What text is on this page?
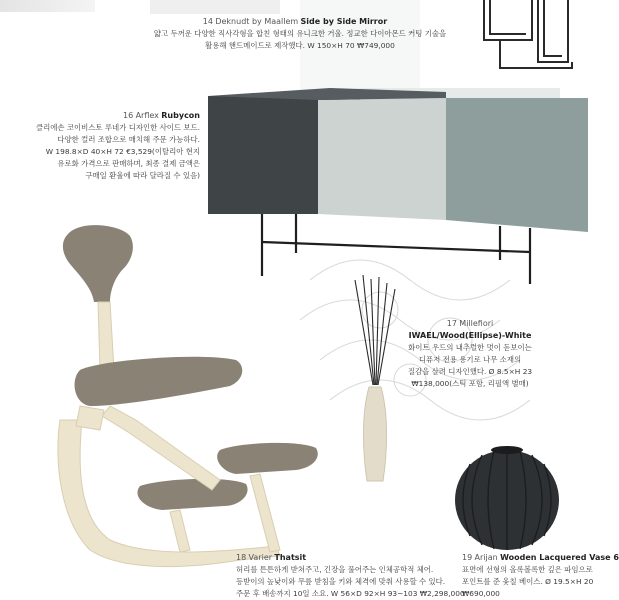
14 Deknudt by Maallem Side by Side Mirror
얇고 두꺼운 다양한 직사각형을 합친 형태의 유니크한 거울. 정교한 다이아몬드 커팅 기술을
활용해 핸드메이드로 제작했다. W 150×H 70 ₩749,000
16 Arflex Rubycon
클리에손 코이비스토 루네가 디자인한 사이드 보드.
다양한 컬러 조합으로 매치해 주문 가능하다.
W 198.8×D 40×H 72 €3,529(이탈리아 현지
유로화 가격으로 판매하며, 최종 결제 금액은
구매일 환율에 따라 달라질 수 있음)
17 Millefiori
IWAEL/Wood(Ellipse)-White
화이트 우드의 내추럴한 멋이 돋보이는
디퓨저 전용 용기로 나무 소재의
질감을 살려 디자인했다. Ø 8.5×H 23
₩138,000(스틱 포함, 리필액 별매)
18 Varier Thatsit
허리를 튼튼하게 받쳐주고, 긴장을 풀어주는 인체공학적 체어.
등받이의 높낮이와 무릎 받침을 키와 체격에 맞춰 사용할 수 있다.
주문 후 배송까지 10일 소요. W 56×D 92×H 93~103 ₩2,298,000
19 Arijan Wooden Lacquered Vase 6
표면에 선형의 올록볼록한 깊은 파임으로
포인트를 준 옻칠 베이스. Ø 19.5×H 20
₩690,000
